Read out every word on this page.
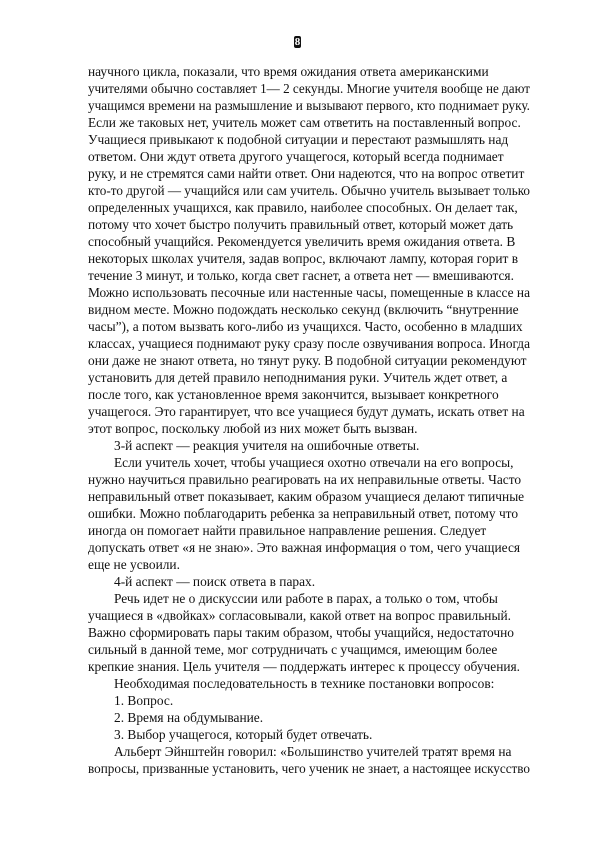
8
научного цикла, показали, что время ожидания ответа американскими
учителями обычно составляет 1— 2 секунды. Многие учителя вообще не дают
учащимся времени на размышление и вызывают первого, кто поднимает руку.
Если же таковых нет, учитель может сам ответить на поставленный вопрос.
Учащиеся привыкают к подобной ситуации и перестают размышлять над
ответом. Они ждут ответа другого учащегося, который всегда поднимает
руку, и не стремятся сами найти ответ. Они надеются, что на вопрос ответит
кто-то другой — учащийся или сам учитель. Обычно учитель вызывает только
определенных учащихся, как правило, наиболее способных. Он делает так,
потому что хочет быстро получить правильный ответ, который может дать
способный учащийся. Рекомендуется увеличить время ожидания ответа. В
некоторых школах учителя, задав вопрос, включают лампу, которая горит в
течение 3 минут, и только, когда свет гаснет, а ответа нет — вмешиваются.
Можно использовать песочные или настенные часы, помещенные в классе на
видном месте. Можно подождать несколько секунд (включить “внутренние
часы”), а потом вызвать кого-либо из учащихся. Часто, особенно в младших
классах, учащиеся поднимают руку сразу после озвучивания вопроса. Иногда
они даже не знают ответа, но тянут руку. В подобной ситуации рекомендуют
установить для детей правило неподнимания руки. Учитель ждет ответ, а
после того, как установленное время закончится, вызывает конкретного
учащегося. Это гарантирует, что все учащиеся будут думать, искать ответ на
этот вопрос, поскольку любой из них может быть вызван.
3-й аспект — реакция учителя на ошибочные ответы.
Если учитель хочет, чтобы учащиеся охотно отвечали на его вопросы,
нужно научиться правильно реагировать на их неправильные ответы. Часто
неправильный ответ показывает, каким образом учащиеся делают типичные
ошибки. Можно поблагодарить ребенка за неправильный ответ, потому что
иногда он помогает найти правильное направление решения. Следует
допускать ответ «я не знаю». Это важная информация о том, чего учащиеся
еще не усвоили.
4-й аспект — поиск ответа в парах.
Речь идет не о дискуссии или работе в парах, а только о том, чтобы
учащиеся в «двойках» согласовывали, какой ответ на вопрос правильный.
Важно сформировать пары таким образом, чтобы учащийся, недостаточно
сильный в данной теме, мог сотрудничать с учащимся, имеющим более
крепкие знания. Цель учителя — поддержать интерес к процессу обучения.
Необходимая последовательность в технике постановки вопросов:
1. Вопрос.
2. Время на обдумывание.
3. Выбор учащегося, который будет отвечать.
Альберт Эйнштейн говорил: «Большинство учителей тратят время на
вопросы, призванные установить, чего ученик не знает, а настоящее искусство
